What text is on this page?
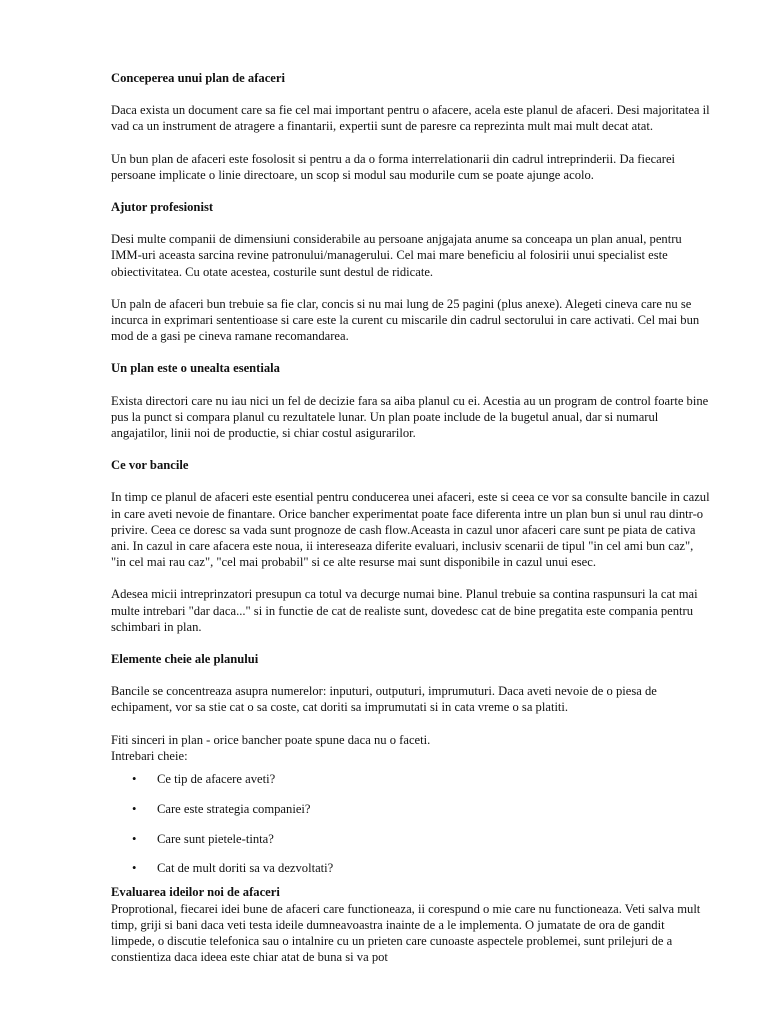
Conceperea unui plan de afaceri

Daca exista un document care sa fie cel mai important pentru o afacere, acela este planul de afaceri. Desi majoritatea il vad ca un instrument de atragere a finantarii, expertii sunt de paresre ca reprezinta mult mai mult decat atat.

Un bun plan de afaceri este fosolosit si pentru a da o forma interrelationarii din cadrul intreprinderii. Da fiecarei persoane implicate o linie directoare, un scop si modul sau modurile cum se poate ajunge acolo.

Ajutor profesionist

Desi multe companii de dimensiuni considerabile au persoane anjgajata anume sa conceapa un plan anual, pentru IMM-uri aceasta sarcina revine patronului/managerului. Cel mai mare beneficiu al folosirii unui specialist este obiectivitatea. Cu otate acestea, costurile sunt destul de ridicate.

Un paln de afaceri bun trebuie sa fie clar, concis si nu mai lung de 25 pagini (plus anexe). Alegeti cineva care nu se incurca in exprimari sententioase si care este la curent cu miscarile din cadrul sectorului in care activati. Cel mai bun mod de a gasi pe cineva ramane recomandarea.

Un plan este o unealta esentiala

Exista directori care nu iau nici un fel de decizie fara sa aiba planul cu ei. Acestia au un program de control foarte bine pus la punct si compara planul cu rezultatele lunar. Un plan poate include de la bugetul anual, dar si numarul angajatilor, linii noi de productie, si chiar costul asigurarilor.

Ce vor bancile

In timp ce planul de afaceri este esential pentru conducerea unei afaceri, este si ceea ce vor sa consulte bancile in cazul in care aveti nevoie de finantare. Orice bancher experimentat poate face diferenta intre un plan bun si unul rau dintr-o privire. Ceea ce doresc sa vada sunt prognoze de cash flow.Aceasta in cazul unor afaceri care sunt pe piata de cativa ani. In cazul in care afacera este noua, ii intereseaza diferite evaluari, inclusiv scenarii de tipul "in cel ami bun caz", "in cel mai rau caz", "cel mai probabil" si ce alte resurse mai sunt disponibile in cazul unui esec.

Adesea micii intreprinzatori presupun ca totul va decurge numai bine. Planul trebuie sa contina raspunsuri la cat mai multe intrebari "dar daca..." si in functie de cat de realiste sunt, dovedesc cat de bine pregatita este compania pentru schimbari in plan.

Elemente cheie ale planului

Bancile se concentreaza asupra numerelor: inputuri, outputuri, imprumuturi. Daca aveti nevoie de o piesa de echipament, vor sa stie cat o sa coste, cat doriti sa imprumutati si in cata vreme o sa platiti.

Fiti sinceri in plan - orice bancher poate spune daca nu o faceti.
Intrebari cheie:

• Ce tip de afacere aveti?
• Care este strategia companiei?
• Care sunt pietele-tinta?
• Cat de mult doriti sa va dezvoltati?
Evaluarea ideilor noi de afaceri

Proprotional, fiecarei idei bune de afaceri care functioneaza, ii corespund o mie care nu functioneaza. Veti salva mult timp, griji si bani daca veti testa ideile dumneavoastra inainte de a le implementa. O jumatate de ora de gandit limpede, o discutie telefonica sau o intalnire cu un prieten care cunoaste aspectele problemei, sunt prilejuri de a constientiza daca ideea este chiar atat de buna si va pot
